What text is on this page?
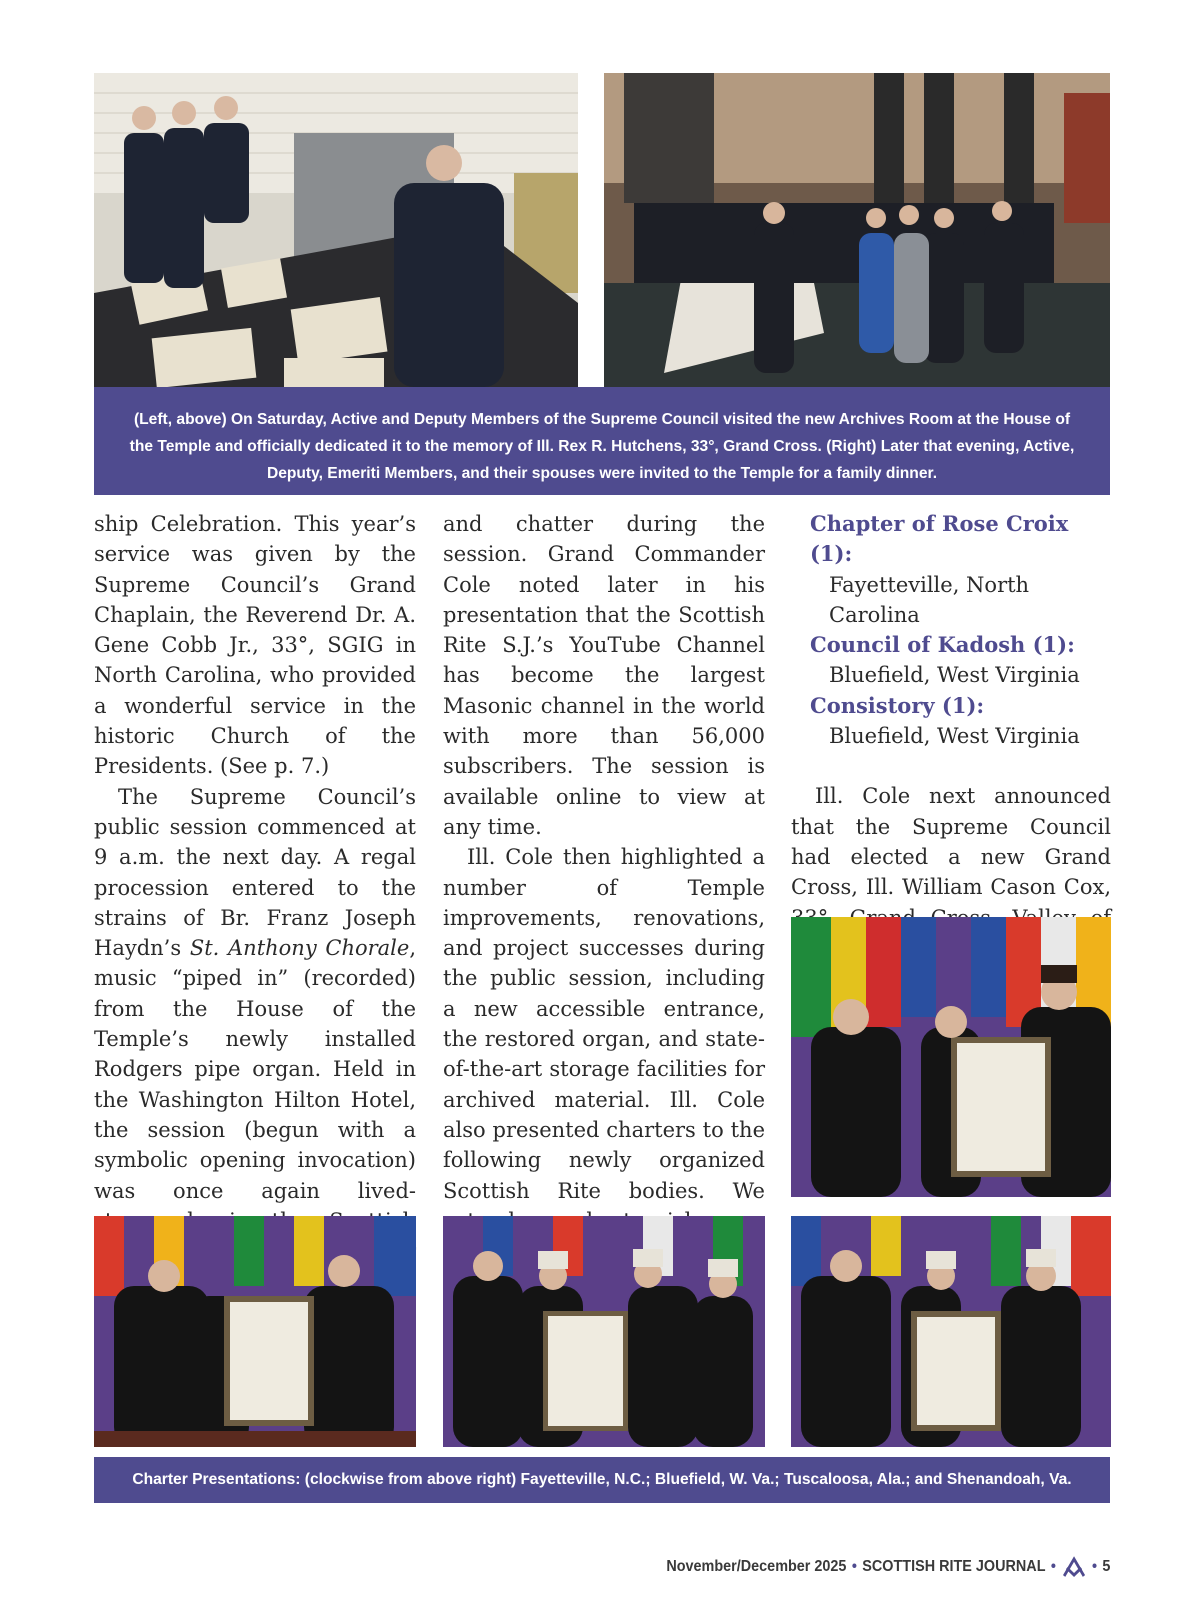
(Left, above) On Saturday, Active and Deputy Members of the Supreme Council visited the new Archives Room at the House of the Temple and officially dedicated it to the memory of Ill. Rex R. Hutchens, 33°, Grand Cross. (Right) Later that evening, Active, Deputy, Emeriti Members, and their spouses were invited to the Temple for a family dinner.

ship Celebration. This year’s service was given by the Supreme Council’s Grand Chaplain, the Reverend Dr. A. Gene Cobb Jr., 33°, SGIG in North Carolina, who provided a wonderful service in the historic Church of the Presidents. (See p. 7.)

The Supreme Council’s public session commenced at 9 a.m. the next day. A regal procession entered to the strains of Br. Franz Joseph Haydn’s St. Anthony Chorale, music “piped in” (recorded) from the House of the Temple’s newly installed Rodgers pipe organ. Held in the Washington Hilton Hotel, the session (begun with a symbolic opening invocation) was once again lived-

and chatter during the session. Grand Commander Cole noted later in his presentation that the Scottish Rite S.J.’s YouTube Channel has become the largest Masonic channel in the world with more than 56,000 subscribers. The session is available online to view at any time.

Ill. Cole then highlighted a number of Temple improvements, renovations, and project successes during the public session, including a new accessible entrance, the restored organ, and state-of-the-art storage facilities for archived material. Ill. Cole also presented charters to the following newly organized Scottish Rite bodies. We

Chapter of Rose Croix (1):
Fayetteville, North Carolina
Council of Kadosh (1):
Bluefield, West Virginia
Consistory (1):
Bluefield, West Virginia

Ill. Cole next announced that the Supreme Council had elected a new Grand Cross, Ill. William Cason Cox,

Charter Presentations: (clockwise from above right) Fayetteville, N.C.; Bluefield, W. Va.; Tuscaloosa, Ala.; and Shenandoah, Va.
November/December 2025 • SCOTTISH RITE JOURNAL • • 5
